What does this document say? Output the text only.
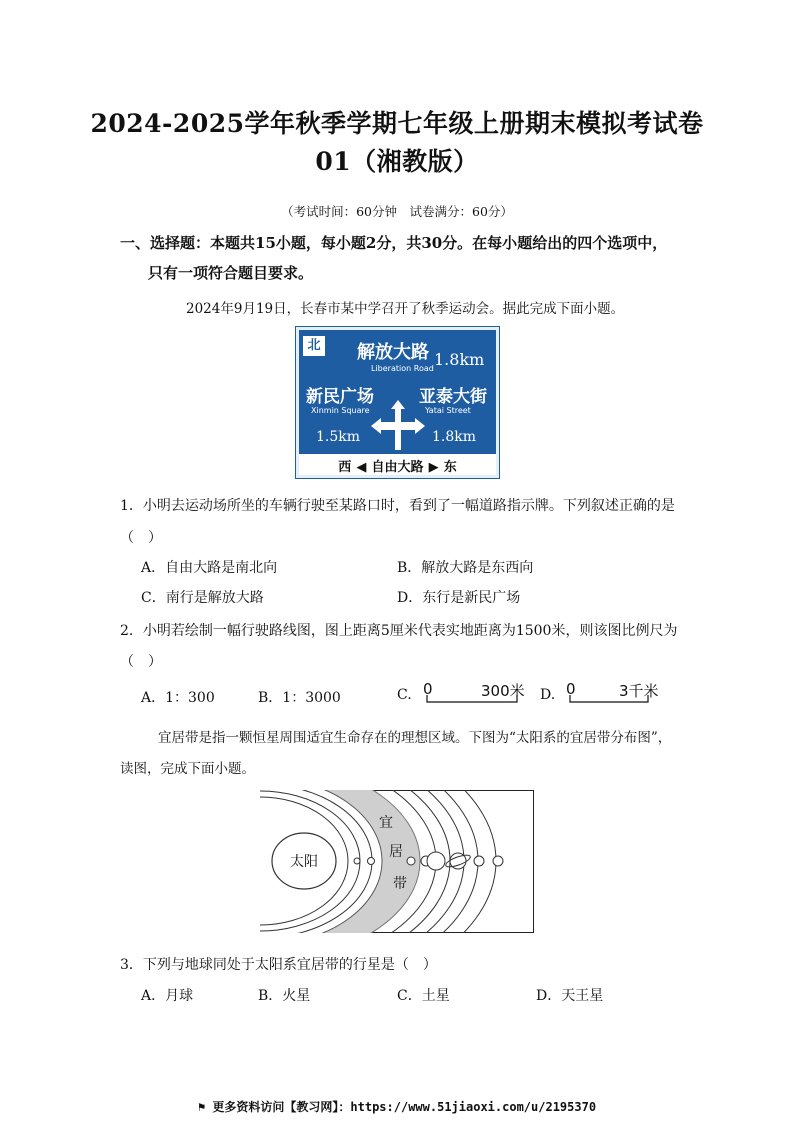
2024-2025学年秋季学期七年级上册期末模拟考试卷
01（湘教版）
（考试时间：60分钟　试卷满分：60分）
一、选择题：本题共15小题，每小题2分，共30分。在每小题给出的四个选项中，
只有一项符合题目要求。
2024年9月19日，长春市某中学召开了秋季运动会。据此完成下面小题。
北 解放大路
Liberation Road 1.8km
新民广场
Xinmin Square
1.5km
亚泰大街
Yatai Street
1.8km
西 ◀ 自由大路 ▶ 东
1．小明去运动场所坐的车辆行驶至某路口时，看到了一幅道路指示牌。下列叙述正确的是
（　）
A．自由大路是南北向	B．解放大路是东西向
C．南行是解放大路	D．东行是新民广场
2．小明若绘制一幅行驶路线图，图上距离5厘米代表实地距离为1500米，则该图比例尺为
（　）
A．1：300	B．1：3000	C. 0	300米 D. 0	3千米
宜居带是指一颗恒星周围适宜生命存在的理想区域。下图为“太阳系的宜居带分布图”，
读图，完成下面小题。
太阳
宜
居
带
3．下列与地球同处于太阳系宜居带的行星是（　）
A．月球	B．火星	C．土星	D．天王星
⚑ 更多资料访问【教习网】：https://www.51jiaoxi.com/u/2195370
